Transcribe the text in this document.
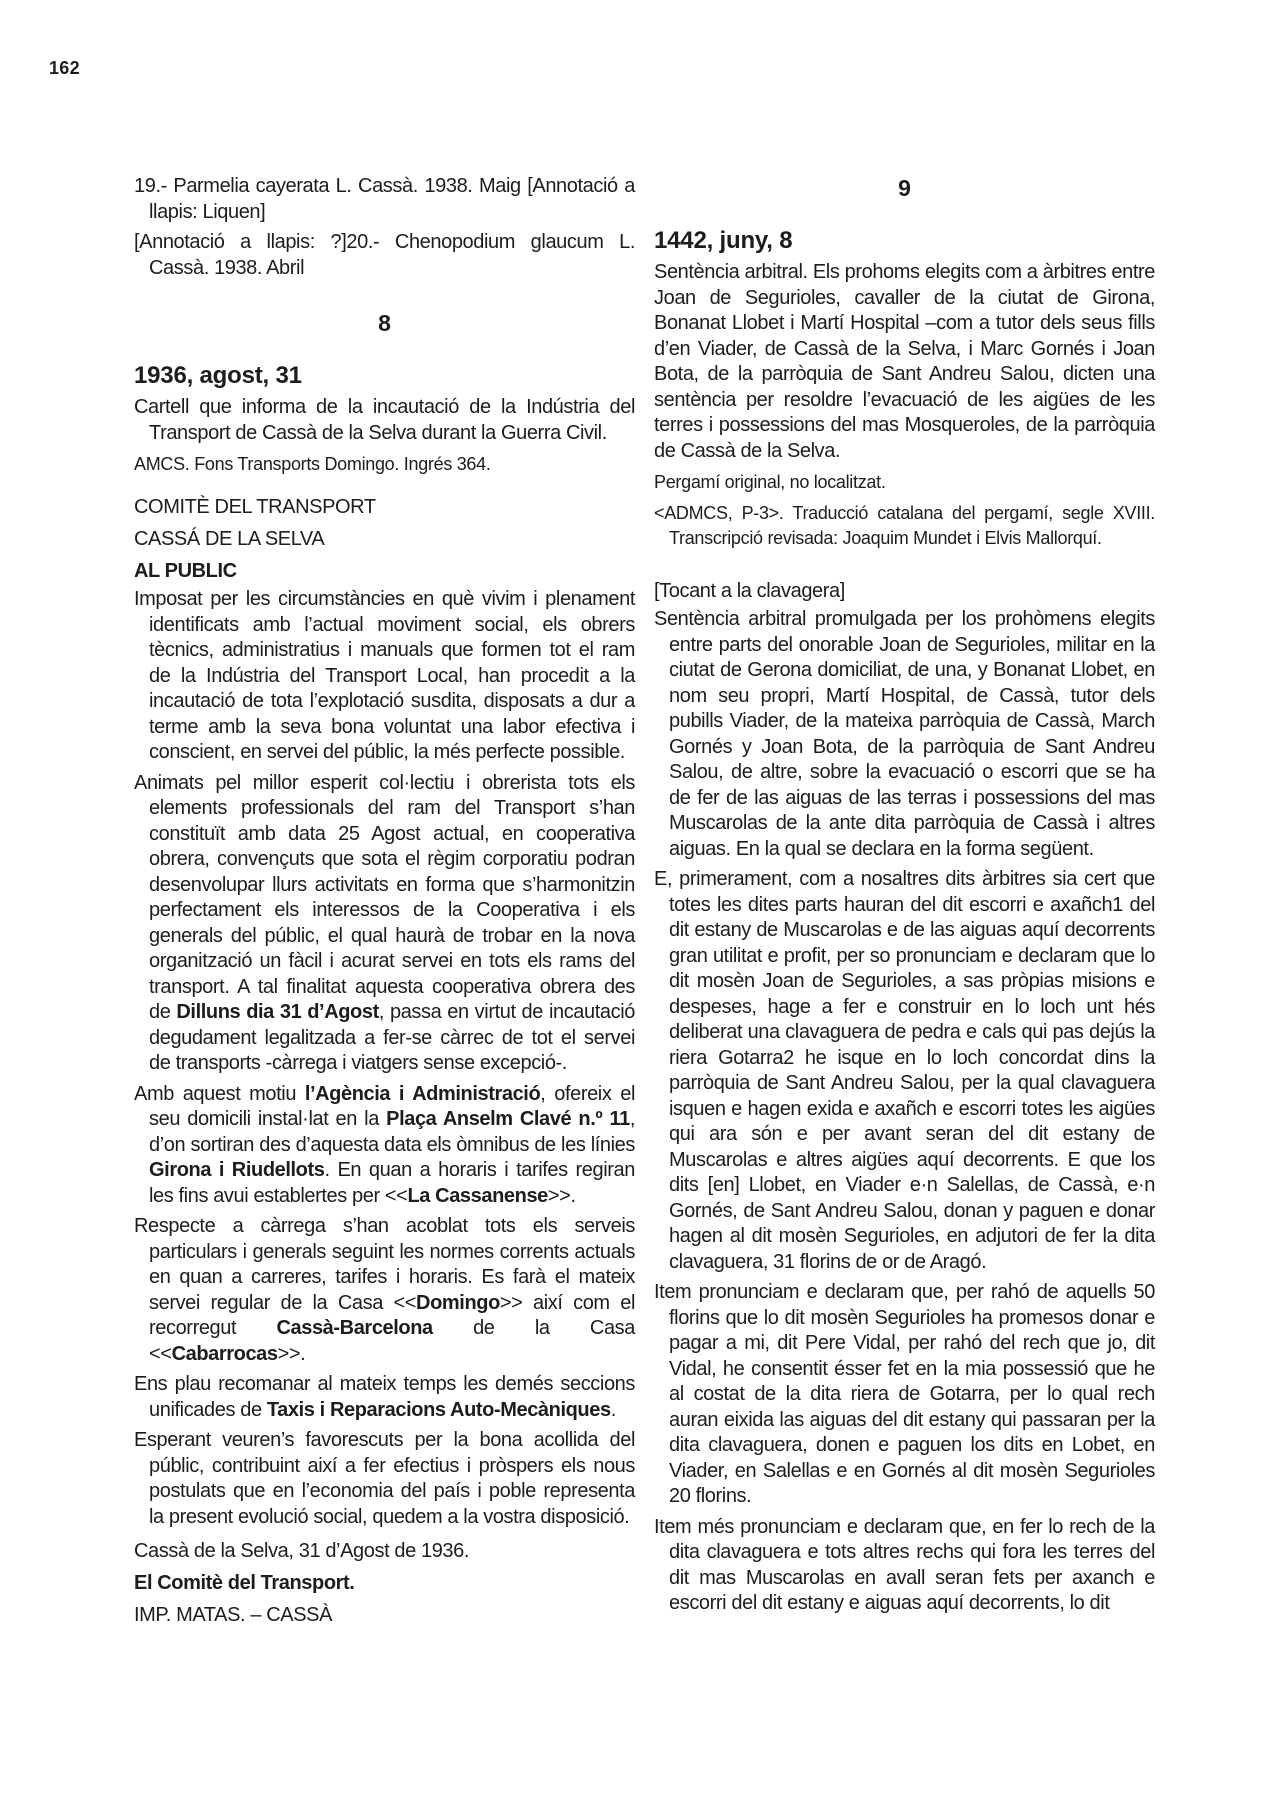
162
19.- Parmelia cayerata L. Cassà. 1938. Maig [Annotació a llapis: Liquen]
[Annotació a llapis: ?]20.- Chenopodium glaucum L. Cassà. 1938. Abril
8
1936, agost, 31
Cartell que informa de la incautació de la Indústria del Transport de Cassà de la Selva durant la Guerra Civil.
AMCS. Fons Transports Domingo. Ingrés 364.
COMITÈ DEL TRANSPORT
CASSÁ DE LA SELVA
AL PUBLIC
Imposat per les circumstàncies en què vivim i plenament identificats amb l’actual moviment social, els obrers tècnics, administratius i manuals que formen tot el ram de la Indústria del Transport Local, han procedit a la incautació de tota l’explotació susdita, disposats a dur a terme amb la seva bona voluntat una labor efectiva i conscient, en servei del públic, la més perfecte possible.
Animats pel millor esperit col·lectiu i obrerista tots els elements professionals del ram del Transport s’han constituït amb data 25 Agost actual, en cooperativa obrera, convençuts que sota el règim corporatiu podran desenvolupar llurs activitats en forma que s’harmonitzin perfectament els interessos de la Cooperativa i els generals del públic, el qual haurà de trobar en la nova organització un fàcil i acurat servei en tots els rams del transport. A tal finalitat aquesta cooperativa obrera des de Dilluns dia 31 d’Agost, passa en virtut de incautació degudament legalitzada a fer-se càrrec de tot el servei de transports -càrrega i viatgers sense excepció-.
Amb aquest motiu l’Agència i Administració, ofereix el seu domicili instal·lat en la Plaça Anselm Clavé n.º 11, d’on sortiran des d’aquesta data els òmnibus de les línies Girona i Riudellots. En quan a horaris i tarifes regiran les fins avui establertes per <<La Cassanense>>.
Respecte a càrrega s’han acoblat tots els serveis particulars i generals seguint les normes corrents actuals en quan a carreres, tarifes i horaris. Es farà el mateix servei regular de la Casa <<Domingo>> així com el recorregut Cassà-Barcelona de la Casa <<Cabarrocas>>.
Ens plau recomanar al mateix temps les demés seccions unificades de Taxis i Reparacions Auto-Mecàniques.
Esperant veuren’s favorescuts per la bona acollida del públic, contribuint així a fer efectius i pròspers els nous postulats que en l’economia del país i poble representa la present evolució social, quedem a la vostra disposició.
Cassà de la Selva, 31 d’Agost de 1936.
El Comitè del Transport.
IMP. MATAS. – CASSÀ
9
1442, juny, 8
Sentència arbitral. Els prohoms elegits com a àrbitres entre Joan de Segurioles, cavaller de la ciutat de Girona, Bonanat Llobet i Martí Hospital –com a tutor dels seus fills d’en Viader, de Cassà de la Selva, i Marc Gornés i Joan Bota, de la parròquia de Sant Andreu Salou, dicten una sentència per resoldre l’evacuació de les aigües de les terres i possessions del mas Mosqueroles, de la parròquia de Cassà de la Selva.
Pergamí original, no localitzat.
<ADMCS, P-3>. Traducció catalana del pergamí, segle XVIII. Transcripció revisada: Joaquim Mundet i Elvis Mallorquí.
[Tocant a la clavagera]
Sentència arbitral promulgada per los prohòmens elegits entre parts del onorable Joan de Segurioles, militar en la ciutat de Gerona domiciliat, de una, y Bonanat Llobet, en nom seu propri, Martí Hospital, de Cassà, tutor dels pubills Viader, de la mateixa parròquia de Cassà, March Gornés y Joan Bota, de la parròquia de Sant Andreu Salou, de altre, sobre la evacuació o escorri que se ha de fer de las aiguas de las terras i possessions del mas Muscarolas de la ante dita parròquia de Cassà i altres aiguas. En la qual se declara en la forma següent.
E, primerament, com a nosaltres dits àrbitres sia cert que totes les dites parts hauran del dit escorri e axañch1 del dit estany de Muscarolas e de las aiguas aquí decorrents gran utilitat e profit, per so pronunciam e declaram que lo dit mosèn Joan de Segurioles, a sas pròpias misions e despeses, hage a fer e construir en lo loch unt hés deliberat una clavaguera de pedra e cals qui pas dejús la riera Gotarra2 he isque en lo loch concordat dins la parròquia de Sant Andreu Salou, per la qual clavaguera isquen e hagen exida e axañch e escorri totes les aigües qui ara són e per avant seran del dit estany de Muscarolas e altres aigües aquí decorrents. E que los dits [en] Llobet, en Viader e·n Salellas, de Cassà, e·n Gornés, de Sant Andreu Salou, donan y paguen e donar hagen al dit mosèn Segurioles, en adjutori de fer la dita clavaguera, 31 florins de or de Aragó.
Item pronunciam e declaram que, per rahó de aquells 50 florins que lo dit mosèn Segurioles ha promesos donar e pagar a mi, dit Pere Vidal, per rahó del rech que jo, dit Vidal, he consentit ésser fet en la mia possessió que he al costat de la dita riera de Gotarra, per lo qual rech auran eixida las aiguas del dit estany qui passaran per la dita clavaguera, donen e paguen los dits en Lobet, en Viader, en Salellas e en Gornés al dit mosèn Segurioles 20 florins.
Item més pronunciam e declaram que, en fer lo rech de la dita clavaguera e tots altres rechs qui fora les terres del dit mas Muscarolas en avall seran fets per axanch e escorri del dit estany e aiguas aquí decorrents, lo dit
